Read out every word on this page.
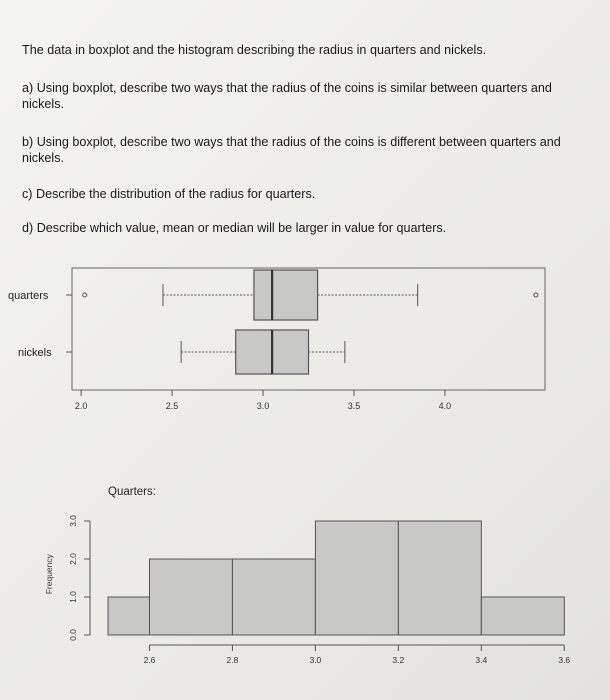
The data in boxplot and the histogram describing the radius in quarters and nickels.

a) Using boxplot, describe two ways that the radius of the coins is similar between quarters and nickels.

b) Using boxplot, describe two ways that the radius of the coins is different between quarters and nickels.

c) Describe the distribution of the radius for quarters.

d) Describe which value, mean or median will be larger in value for quarters.

quarters
nickels
2.0	2.5	3.0	3.5	4.0
Quarters:
Frequency
0.0
1.0
2.0
3.0
2.6	2.8	3.0	3.2	3.4	3.6
